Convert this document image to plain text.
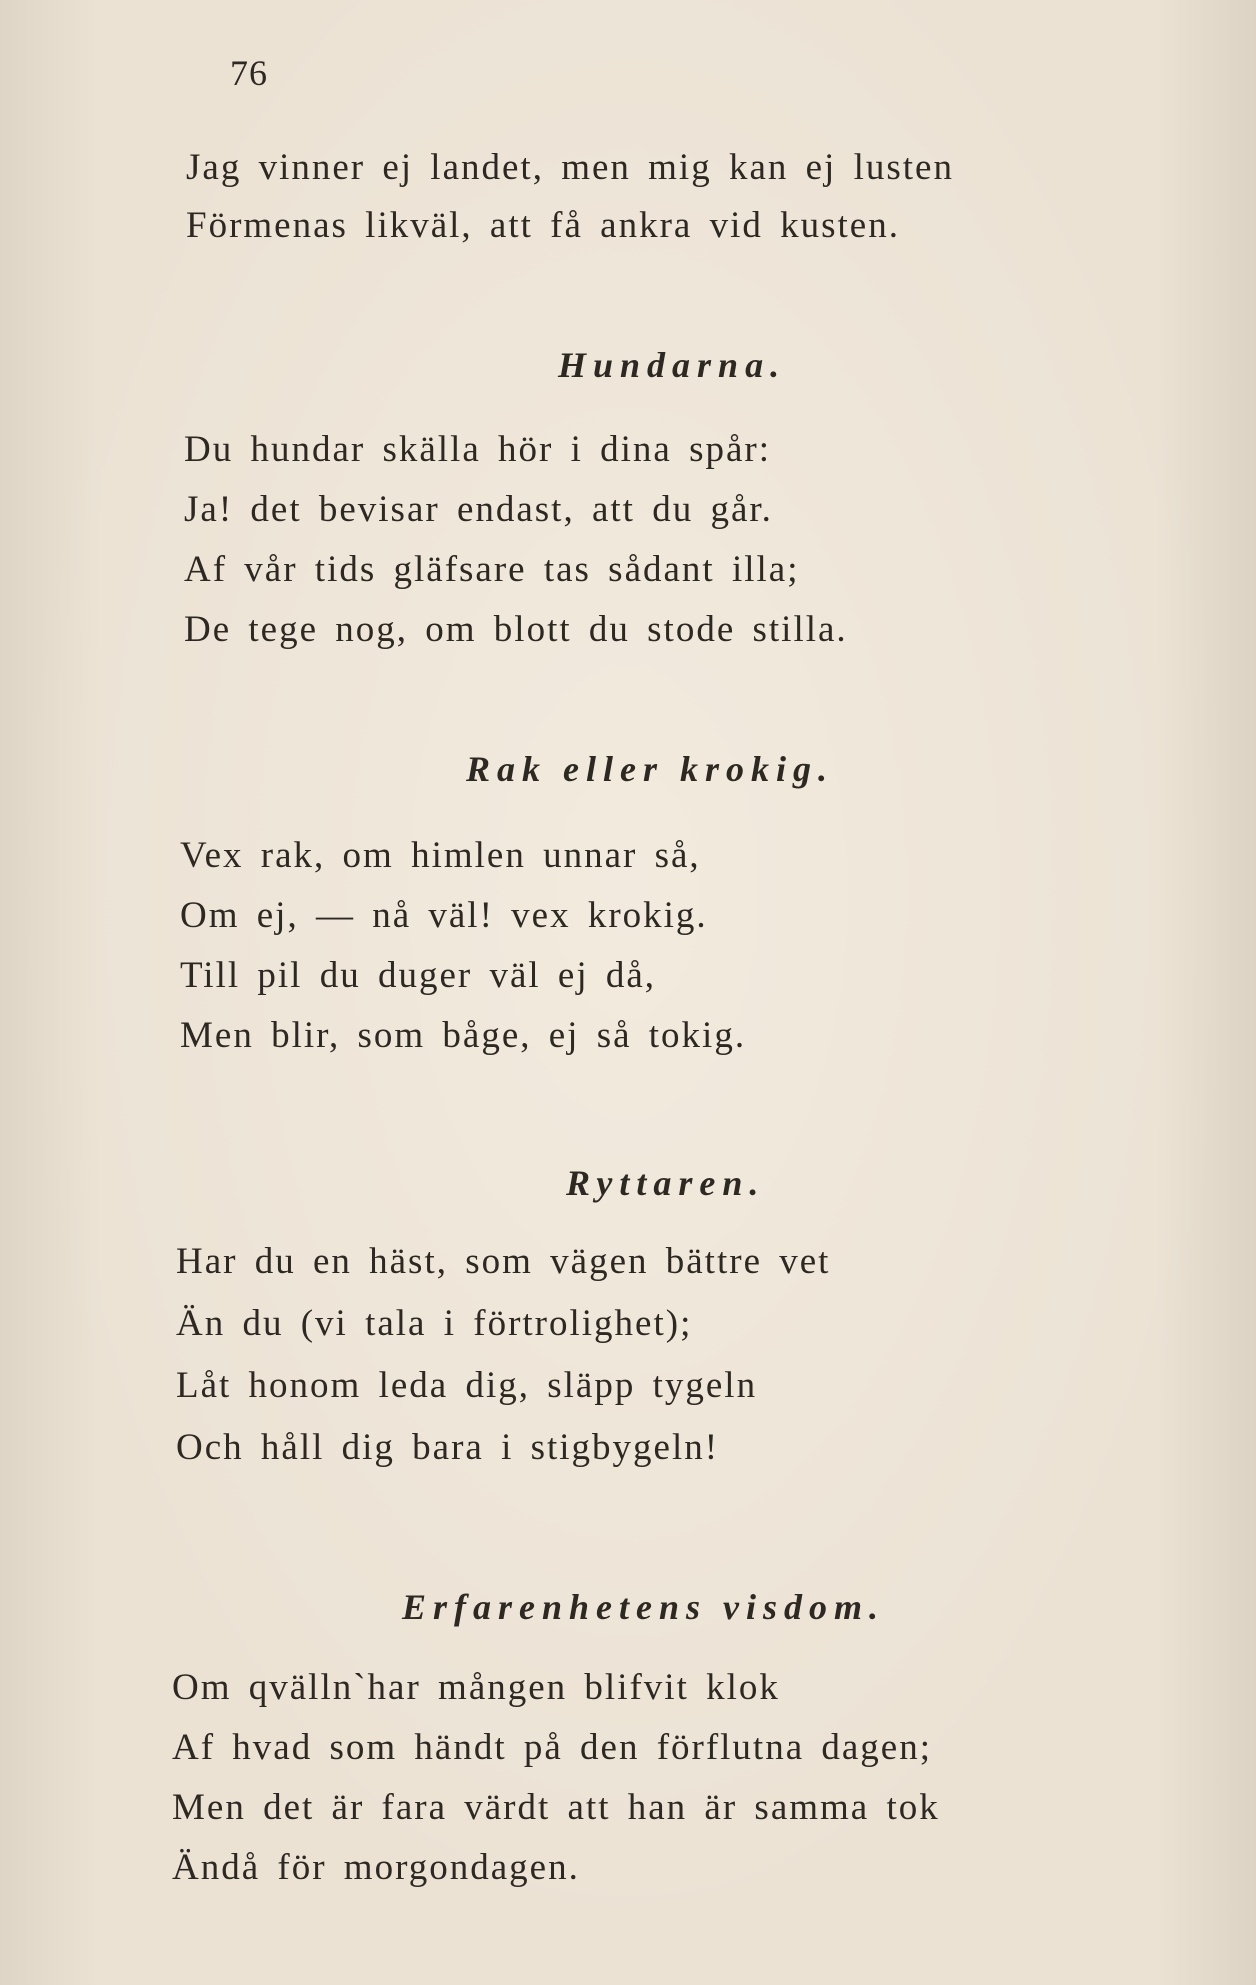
76
Jag vinner ej landet, men mig kan ej lusten
Förmenas likväl, att få ankra vid kusten.
Hundarna.
Du hundar skälla hör i dina spår:
Ja! det bevisar endast, att du går.
Af vår tids gläfsare tas sådant illa;
De tege nog, om blott du stode stilla.
Rak eller krokig.
Vex rak, om himlen unnar så,
Om ej, — nå väl! vex krokig.
Till pil du duger väl ej då,
Men blir, som båge, ej så tokig.
Ryttaren.
Har du en häst, som vägen bättre vet
Än du (vi tala i förtrolighet);
Låt honom leda dig, släpp tygeln
Och håll dig bara i stigbygeln!
Erfarenhetens visdom.
Om qvälln`har mången blifvit klok
Af hvad som händt på den förflutna dagen;
Men det är fara värdt att han är samma tok
Ändå för morgondagen.
